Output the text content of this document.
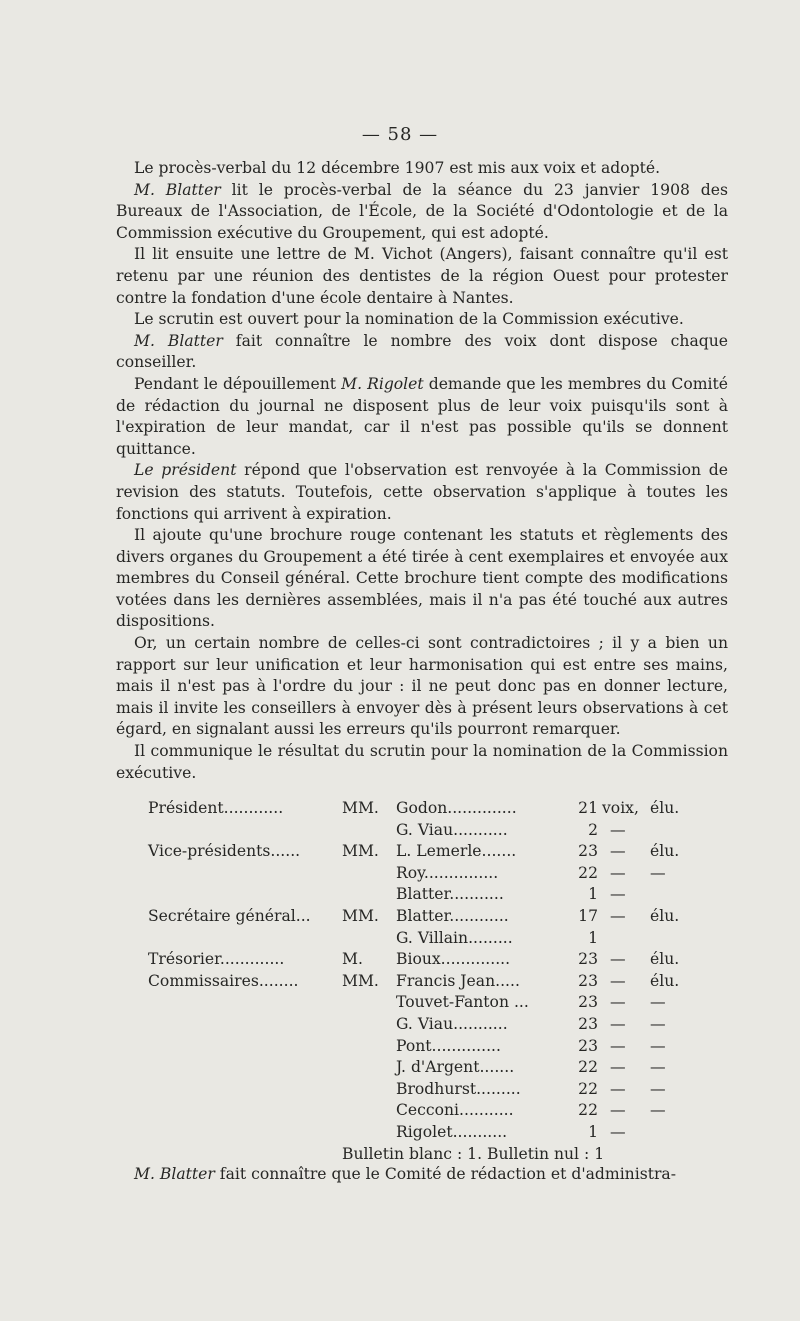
— 58 —

Le procès-verbal du 12 décembre 1907 est mis aux voix et adopté.

M. Blatter lit le procès-verbal de la séance du 23 janvier 1908 des Bureaux de l'Association, de l'École, de la Société d'Odontologie et de la Commission exécutive du Groupement, qui est adopté.

Il lit ensuite une lettre de M. Vichot (Angers), faisant connaître qu'il est retenu par une réunion des dentistes de la région Ouest pour protester contre la fondation d'une école dentaire à Nantes.

Le scrutin est ouvert pour la nomination de la Commission exécutive.

M. Blatter fait connaître le nombre des voix dont dispose chaque conseiller.

Pendant le dépouillement M. Rigolet demande que les membres du Comité de rédaction du journal ne disposent plus de leur voix puisqu'ils sont à l'expiration de leur mandat, car il n'est pas possible qu'ils se donnent quittance.

Le président répond que l'observation est renvoyée à la Commission de revision des statuts. Toutefois, cette observation s'applique à toutes les fonctions qui arrivent à expiration.

Il ajoute qu'une brochure rouge contenant les statuts et règlements des divers organes du Groupement a été tirée à cent exemplaires et envoyée aux membres du Conseil général. Cette brochure tient compte des modifications votées dans les dernières assemblées, mais il n'a pas été touché aux autres dispositions.

Or, un certain nombre de celles-ci sont contradictoires ; il y a bien un rapport sur leur unification et leur harmonisation qui est entre ses mains, mais il n'est pas à l'ordre du jour : il ne peut donc pas en donner lecture, mais il invite les conseillers à envoyer dès à présent leurs observations à cet égard, en signalant aussi les erreurs qu'ils pourront remarquer.

Il communique le résultat du scrutin pour la nomination de la Commission exécutive.

Président............	MM. Godon..............	21 voix, élu.
G. Viau...........	2 —
Vice-présidents......	MM. L. Lemerle.......	23 — élu.
Roy...............	22 — —
Blatter...........	1 —
Secrétaire général... MM. Blatter............	17 — élu.
G. Villain.........	1
Trésorier.............	M. Bioux..............	23 — élu.
Commissaires........	MM. Francis Jean.....	23 — élu.
Touvet-Fanton ...	23 — —
G. Viau...........	23 — —
Pont..............	23 — —
J. d'Argent.......	22 — —
Brodhurst.........	22 — —
Cecconi...........	22 — —
Rigolet...........	1 —
Bulletin blanc : 1. Bulletin nul : 1

M. Blatter fait connaître que le Comité de rédaction et d'administra-
